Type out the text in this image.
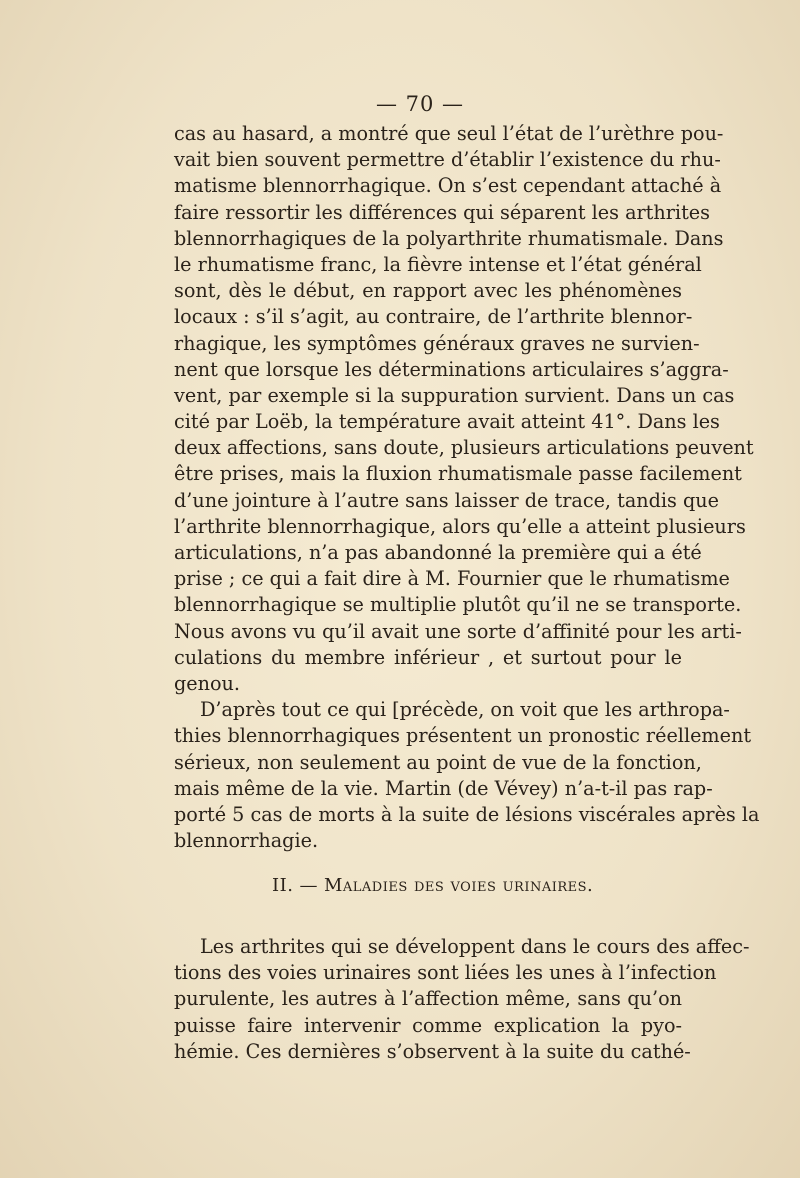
— 70 —
cas au hasard, a montré que seul l’état de l’urèthre pou-
vait bien souvent permettre d’établir l’existence du rhu-
matisme blennorrhagique. On s’est cependant attaché à
faire ressortir les différences qui séparent les arthrites
blennorrhagiques de la polyarthrite rhumatismale. Dans
le rhumatisme franc, la fièvre intense et l’état général
sont, dès le début, en rapport avec les phénomènes
locaux : s’il s’agit, au contraire, de l’arthrite blennor-
rhagique, les symptômes généraux graves ne survien-
nent que lorsque les déterminations articulaires s’aggra-
vent, par exemple si la suppuration survient. Dans un cas
cité par Loëb, la température avait atteint 41°. Dans les
deux affections, sans doute, plusieurs articulations peuvent
être prises, mais la fluxion rhumatismale passe facilement
d’une jointure à l’autre sans laisser de trace, tandis que
l’arthrite blennorrhagique, alors qu’elle a atteint plusieurs
articulations, n’a pas abandonné la première qui a été
prise ; ce qui a fait dire à M. Fournier que le rhumatisme
blennorrhagique se multiplie plutôt qu’il ne se transporte.
Nous avons vu qu’il avait une sorte d’affinité pour les arti-
culations du membre inférieur , et surtout pour le
genou.
D’après tout ce qui [précède, on voit que les arthropa-
thies blennorrhagiques présentent un pronostic réellement
sérieux, non seulement au point de vue de la fonction,
mais même de la vie. Martin (de Vévey) n’a-t-il pas rap-
porté 5 cas de morts à la suite de lésions viscérales après la
blennorrhagie.
II. — Maladies des voies urinaires.
Les arthrites qui se développent dans le cours des affec-
tions des voies urinaires sont liées les unes à l’infection
purulente, les autres à l’affection même, sans qu’on
puisse faire intervenir comme explication la pyo-
hémie. Ces dernières s’observent à la suite du cathé-
